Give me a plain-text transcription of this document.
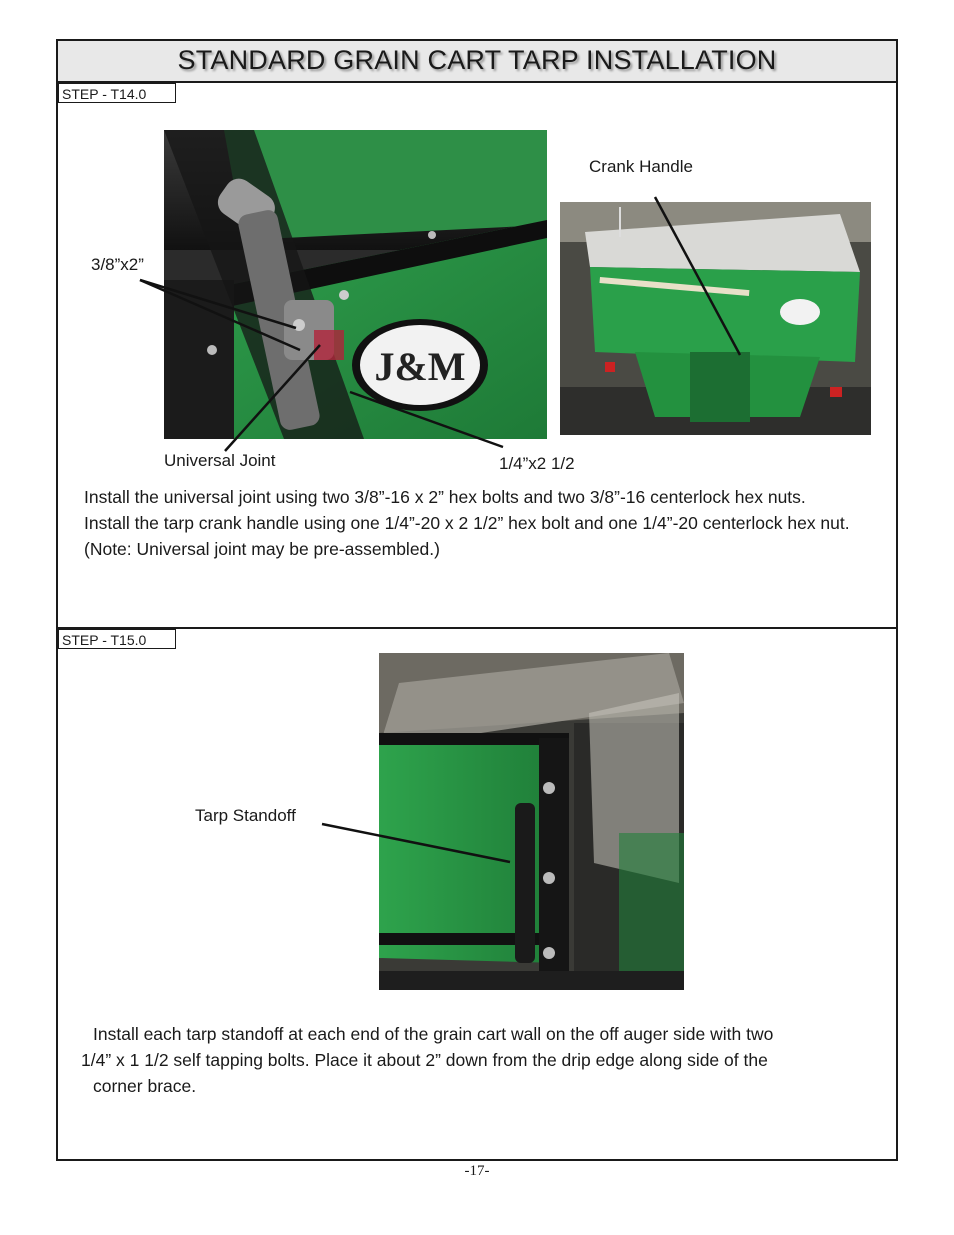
STANDARD GRAIN CART TARP INSTALLATION
STEP - T14.0
J&M
3/8”x2”
Crank Handle
Universal Joint	1/4”x2 1/2
Install the universal joint using two 3/8”-16 x 2” hex bolts and two 3/8”-16 centerlock hex nuts.
Install the tarp crank handle using one 1/4”-20 x 2 1/2” hex bolt and one 1/4”-20 centerlock hex nut.
(Note: Universal joint may be pre-assembled.)
STEP - T15.0
Tarp Standoff
Install each tarp standoff at each end of the grain cart wall on the off auger side with two
1/4” x 1 1/2 self tapping bolts. Place it about 2” down from the drip edge along side of the
corner brace.
-17-
